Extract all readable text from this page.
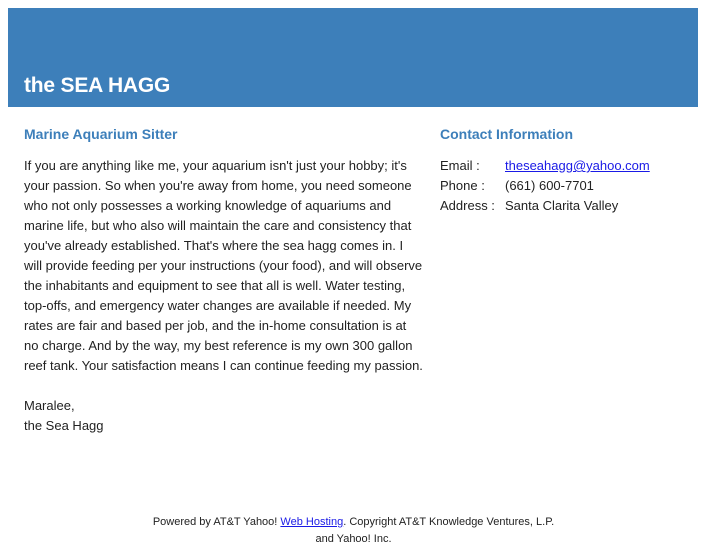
the SEA HAGG
Marine Aquarium Sitter

If you are anything like me, your aquarium isn't just your hobby; it's your passion. So when you're away from home, you need someone who not only possesses a working knowledge of aquariums and marine life, but who also will maintain the care and consistency that you've already established. That's where the sea hagg comes in. I will provide feeding per your instructions (your food), and will observe the inhabitants and equipment to see that all is well. Water testing, top-offs, and emergency water changes are available if needed. My rates are fair and based per job, and the in-home consultation is at no charge. And by the way, my best reference is my own 300 gallon reef tank. Your satisfaction means I can continue feeding my passion.

Maralee,
the Sea Hagg
Contact Information
Email :	theseahagg@yahoo.com
Phone :	(661) 600-7701
Address : Santa Clarita Valley
Powered by AT&T Yahoo! Web Hosting. Copyright AT&T Knowledge Ventures, L.P.
and Yahoo! Inc.
